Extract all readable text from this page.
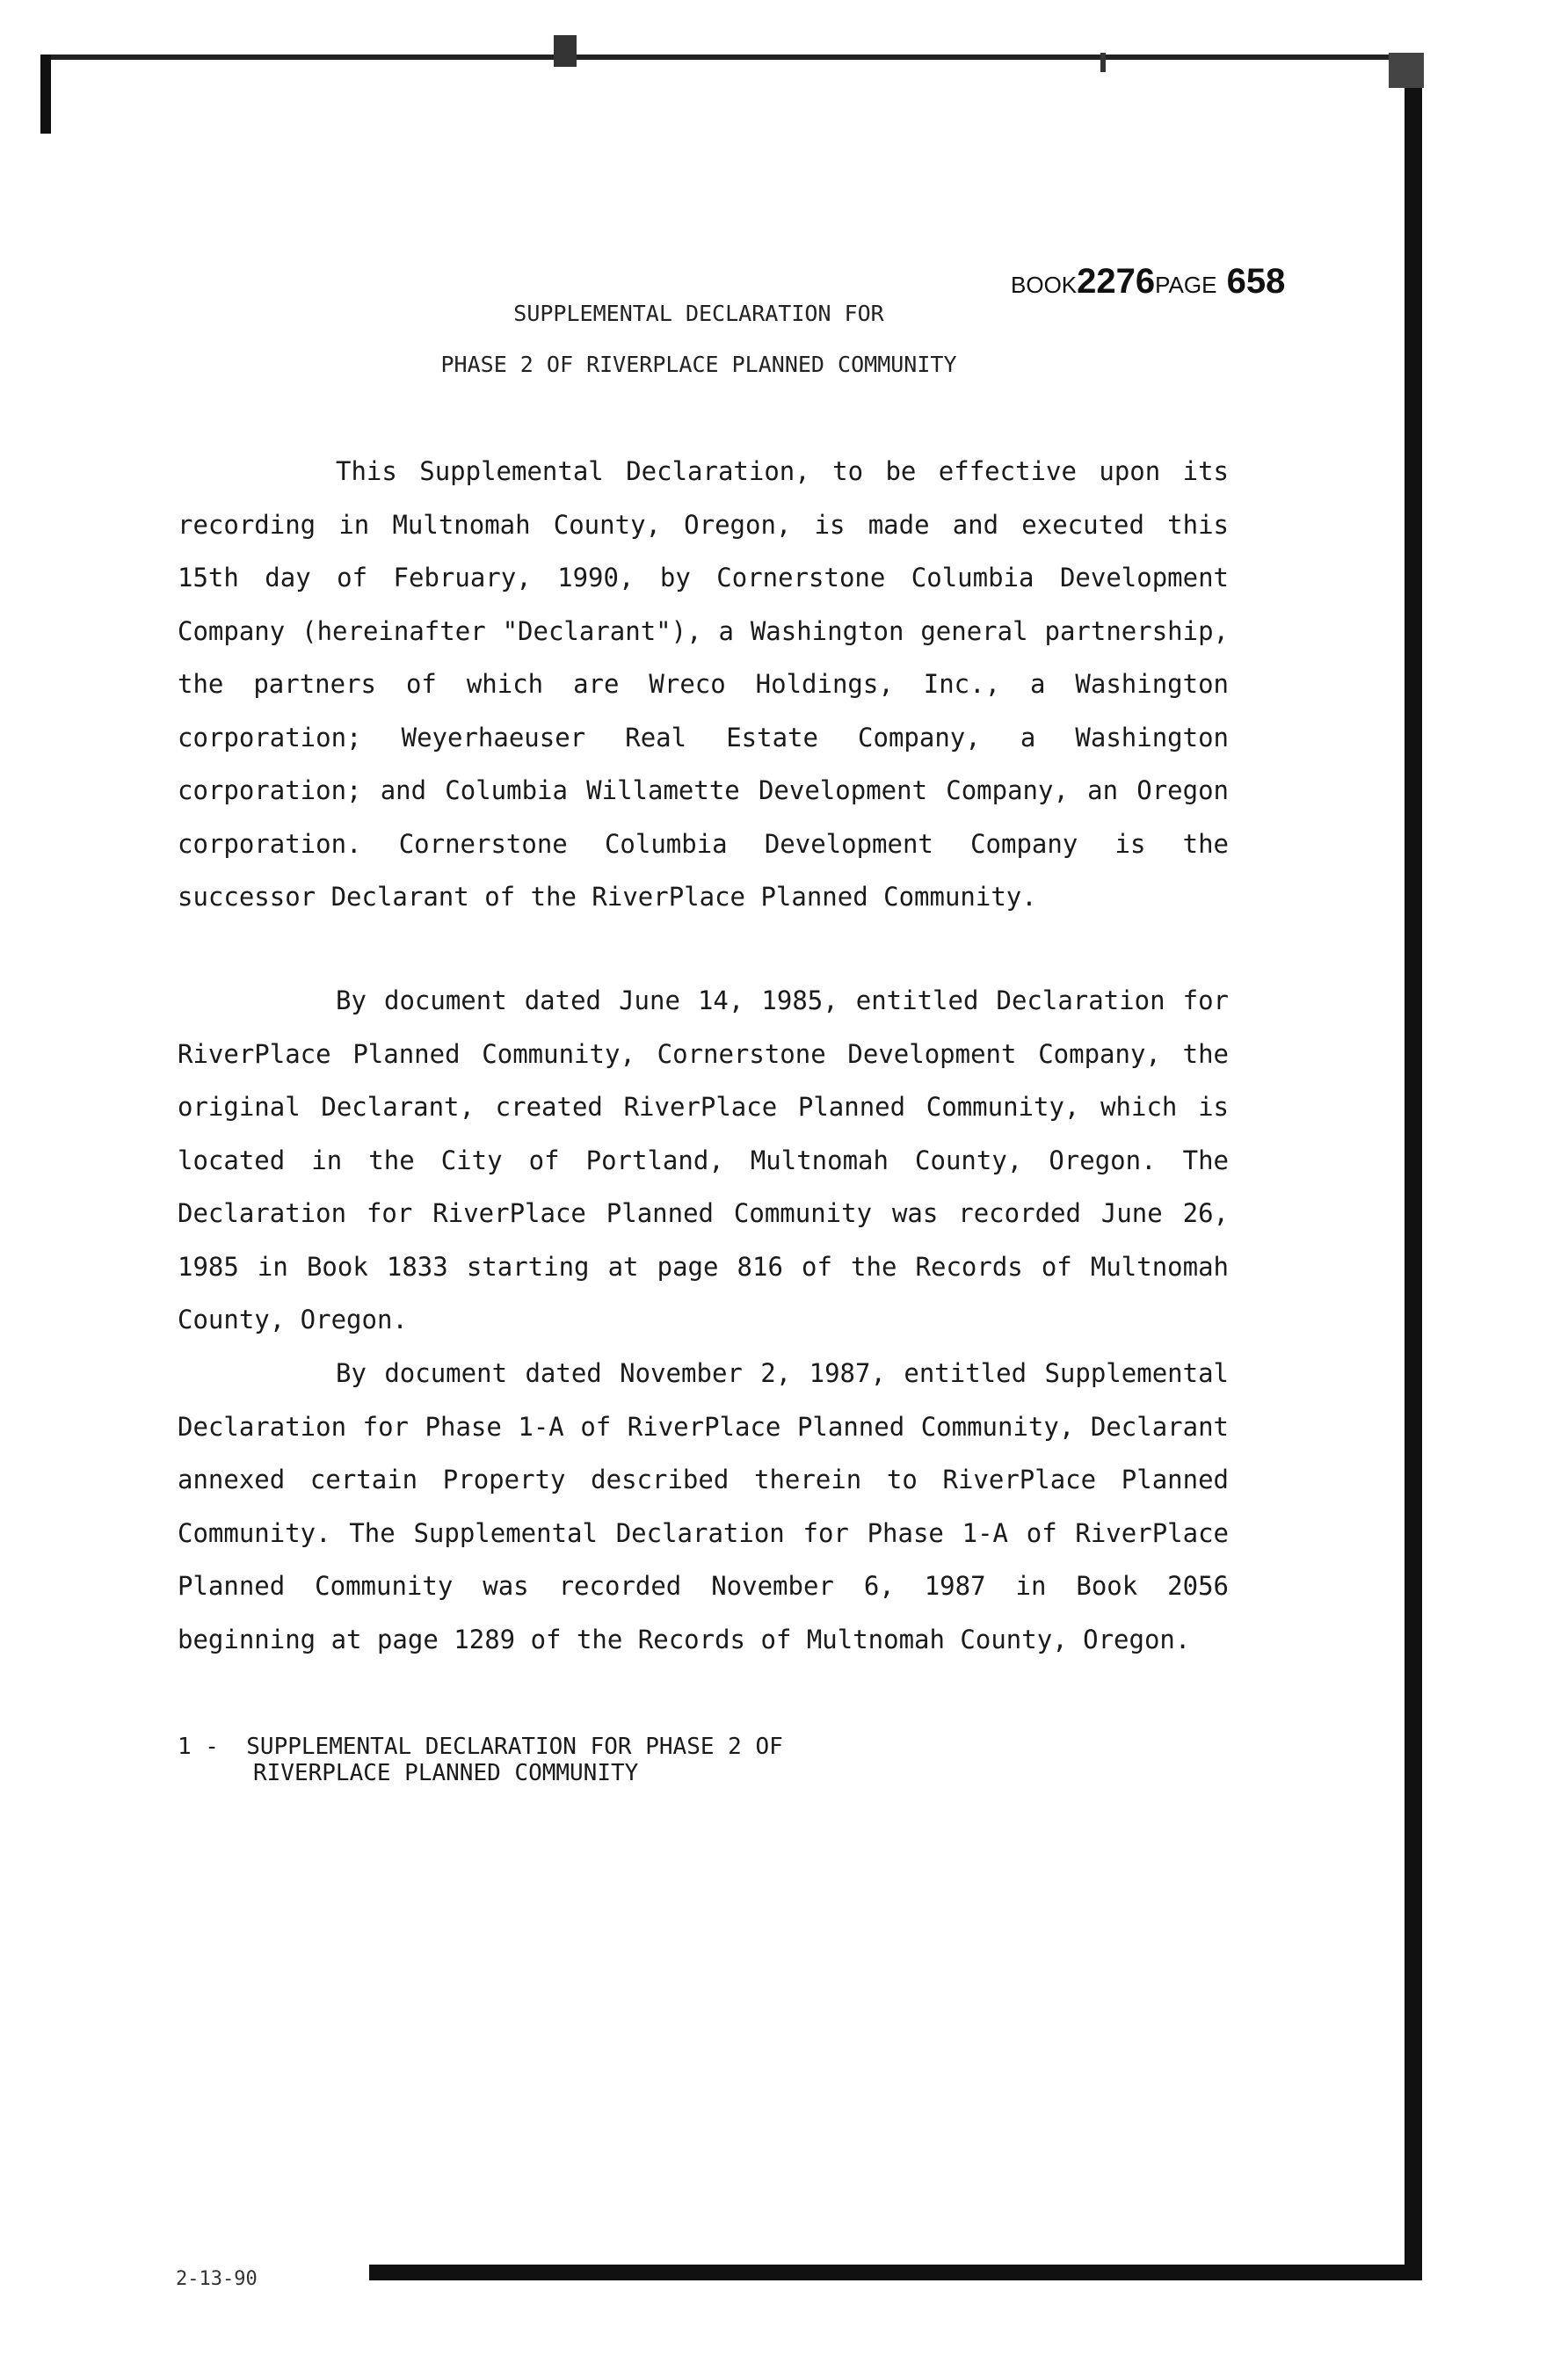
BOOK2276PAGE 658
SUPPLEMENTAL DECLARATION FOR
PHASE 2 OF RIVERPLACE PLANNED COMMUNITY
This Supplemental Declaration, to be effective upon its recording in Multnomah County, Oregon, is made and executed this 15th day of February, 1990, by Cornerstone Columbia Development Company (hereinafter "Declarant"), a Washington general partnership, the partners of which are Wreco Holdings, Inc., a Washington corporation; Weyerhaeuser Real Estate Company, a Washington corporation; and Columbia Willamette Development Company, an Oregon corporation. Cornerstone Columbia Development Company is the successor Declarant of the RiverPlace Planned Community.
By document dated June 14, 1985, entitled Declaration for RiverPlace Planned Community, Cornerstone Development Company, the original Declarant, created RiverPlace Planned Community, which is located in the City of Portland, Multnomah County, Oregon. The Declaration for RiverPlace Planned Community was recorded June 26, 1985 in Book 1833 starting at page 816 of the Records of Multnomah County, Oregon.
By document dated November 2, 1987, entitled Supplemental Declaration for Phase 1-A of RiverPlace Planned Community, Declarant annexed certain Property described therein to RiverPlace Planned Community. The Supplemental Declaration for Phase 1-A of RiverPlace Planned Community was recorded November 6, 1987 in Book 2056 beginning at page 1289 of the Records of Multnomah County, Oregon.
1 - SUPPLEMENTAL DECLARATION FOR PHASE 2 OF
RIVERPLACE PLANNED COMMUNITY
2-13-90
